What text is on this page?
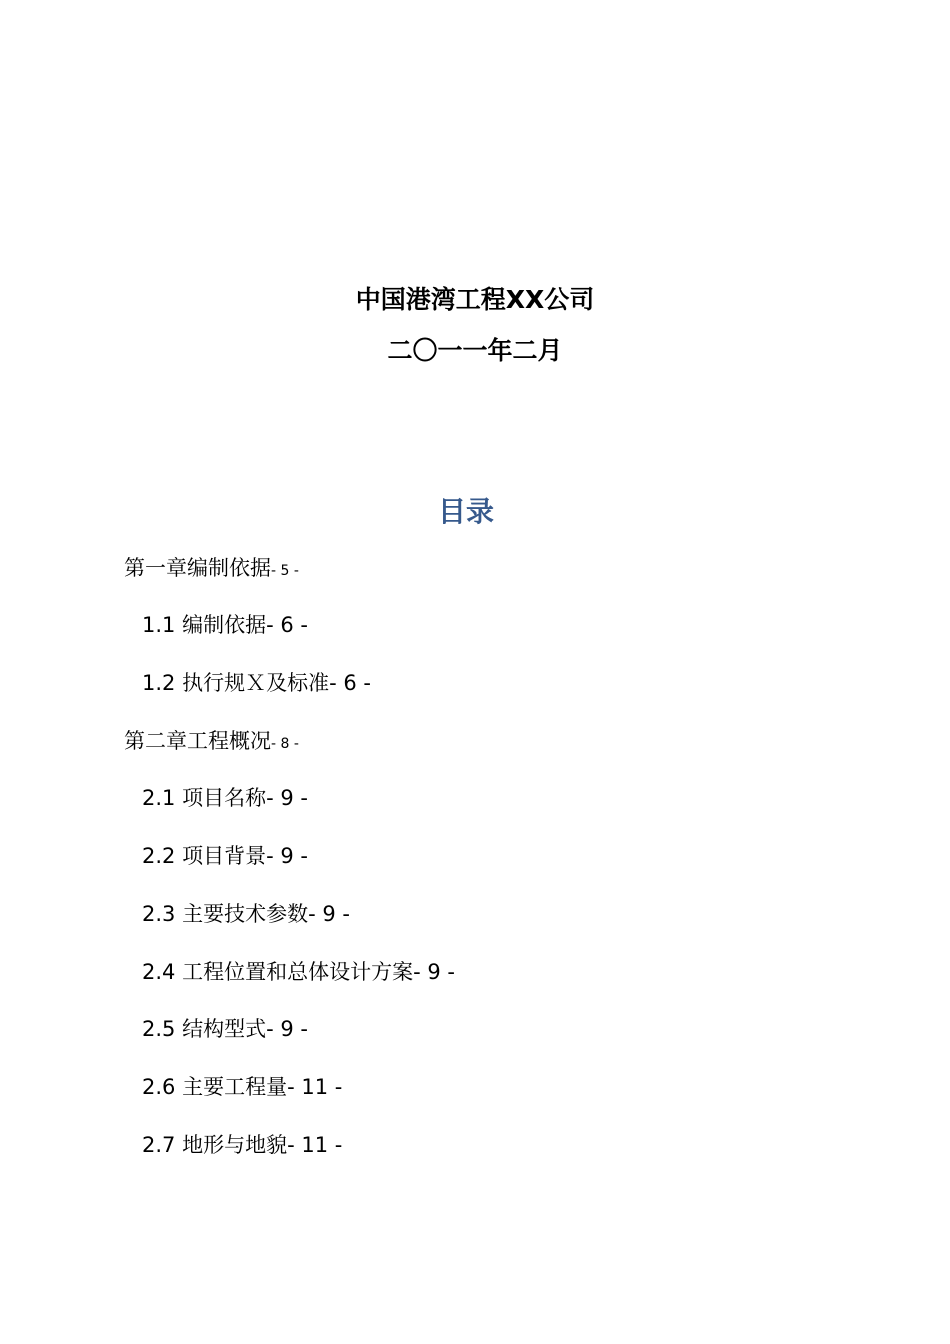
中国港湾工程XX公司
二〇一一年二月
目录
第一章编制依据- 5 -
1.1 编制依据- 6 -
1.2 执行规Ｘ及标准- 6 -
第二章工程概况- 8 -
2.1 项目名称- 9 -
2.2 项目背景- 9 -
2.3 主要技术参数- 9 -
2.4 工程位置和总体设计方案- 9 -
2.5 结构型式- 9 -
2.6 主要工程量- 11 -
2.7 地形与地貌- 11 -
